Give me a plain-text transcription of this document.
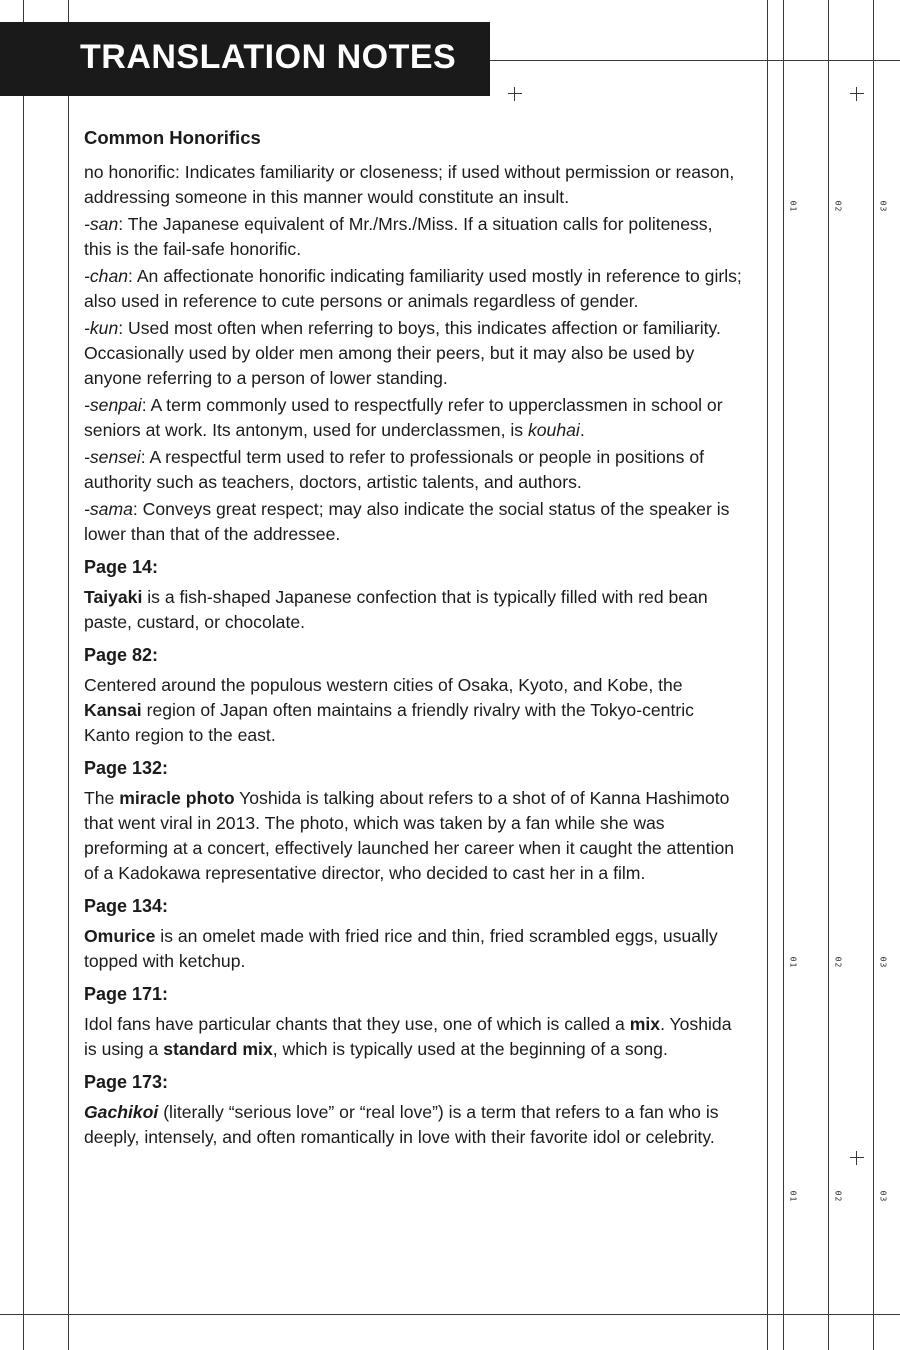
01	02	03
01	02	03
01	02	03
TRANSLATION NOTES
Common Honorifics

no honorific: Indicates familiarity or closeness; if used without permission or reason, addressing someone in this manner would constitute an insult.

-san: The Japanese equivalent of Mr./Mrs./Miss. If a situation calls for politeness, this is the fail-safe honorific.

-chan: An affectionate honorific indicating familiarity used mostly in reference to girls; also used in reference to cute persons or animals regardless of gender.

-kun: Used most often when referring to boys, this indicates affection or familiarity. Occasionally used by older men among their peers, but it may also be used by anyone referring to a person of lower standing.

-senpai: A term commonly used to respectfully refer to upperclassmen in school or seniors at work. Its antonym, used for underclassmen, is kouhai.

-sensei: A respectful term used to refer to professionals or people in positions of authority such as teachers, doctors, artistic talents, and authors.

-sama: Conveys great respect; may also indicate the social status of the speaker is lower than that of the addressee.

Page 14:

Taiyaki is a fish-shaped Japanese confection that is typically filled with red bean paste, custard, or chocolate.

Page 82:

Centered around the populous western cities of Osaka, Kyoto, and Kobe, the Kansai region of Japan often maintains a friendly rivalry with the Tokyo-centric Kanto region to the east.

Page 132:

The miracle photo Yoshida is talking about refers to a shot of of Kanna Hashimoto that went viral in 2013. The photo, which was taken by a fan while she was preforming at a concert, effectively launched her career when it caught the attention of a Kadokawa representative director, who decided to cast her in a film.

Page 134:

Omurice is an omelet made with fried rice and thin, fried scrambled eggs, usually topped with ketchup.

Page 171:

Idol fans have particular chants that they use, one of which is called a mix. Yoshida is using a standard mix, which is typically used at the beginning of a song.

Page 173:

Gachikoi (literally “serious love” or “real love”) is a term that refers to a fan who is deeply, intensely, and often romantically in love with their favorite idol or celebrity.
